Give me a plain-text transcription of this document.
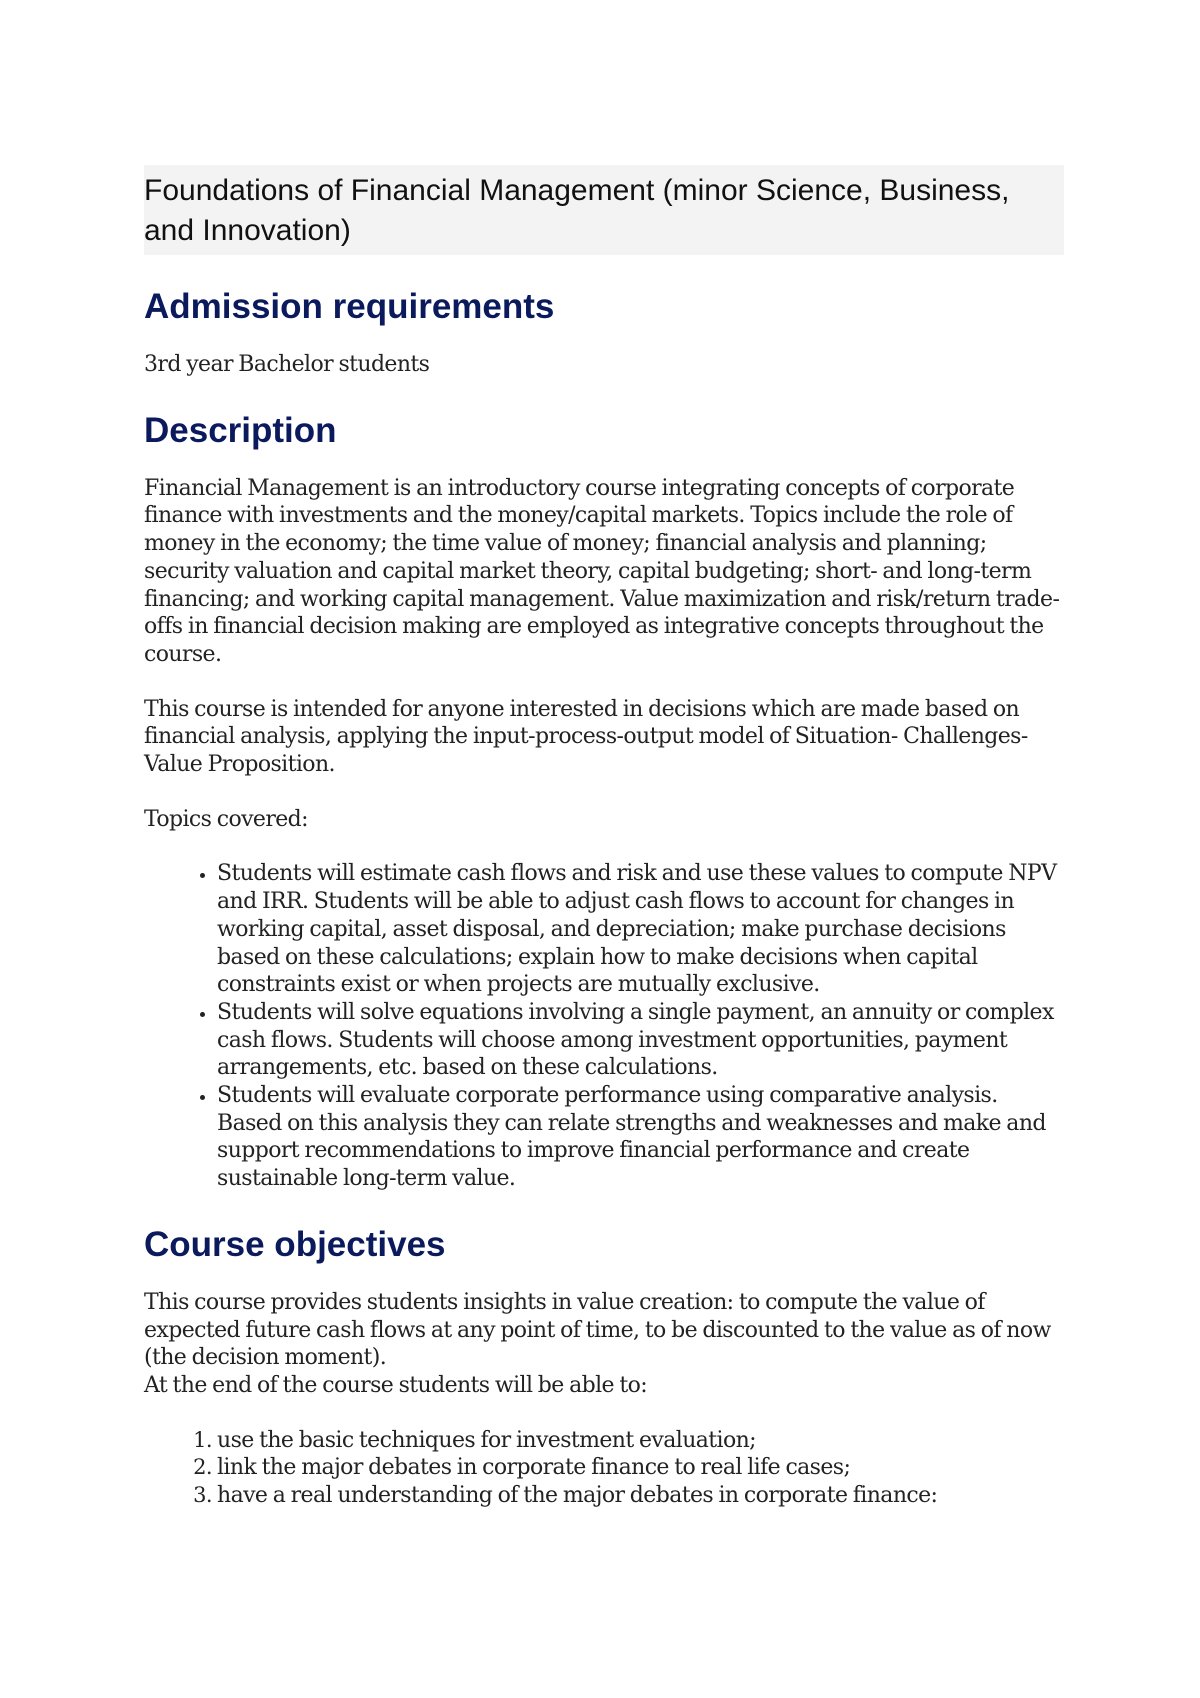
Foundations of Financial Management (minor Science, Business, and Innovation)
Admission requirements

3rd year Bachelor students

Description

Financial Management is an introductory course integrating concepts of corporate finance with investments and the money/capital markets. Topics include the role of money in the economy; the time value of money; financial analysis and planning; security valuation and capital market theory, capital budgeting; short- and long-term financing; and working capital management. Value maximization and risk/return trade-offs in financial decision making are employed as integrative concepts throughout the course.

This course is intended for anyone interested in decisions which are made based on financial analysis, applying the input-process-output model of Situation- Challenges- Value Proposition.

Topics covered:

• Students will estimate cash flows and risk and use these values to compute NPV and IRR. Students will be able to adjust cash flows to account for changes in working capital, asset disposal, and depreciation; make purchase decisions based on these calculations; explain how to make decisions when capital constraints exist or when projects are mutually exclusive.
• Students will solve equations involving a single payment, an annuity or complex cash flows. Students will choose among investment opportunities, payment arrangements, etc. based on these calculations.
• Students will evaluate corporate performance using comparative analysis. Based on this analysis they can relate strengths and weaknesses and make and support recommendations to improve financial performance and create sustainable long-term value.
Course objectives

This course provides students insights in value creation: to compute the value of expected future cash flows at any point of time, to be discounted to the value as of now (the decision moment).

At the end of the course students will be able to:

1. use the basic techniques for investment evaluation;
2. link the major debates in corporate finance to real life cases;
3. have a real understanding of the major debates in corporate finance:
